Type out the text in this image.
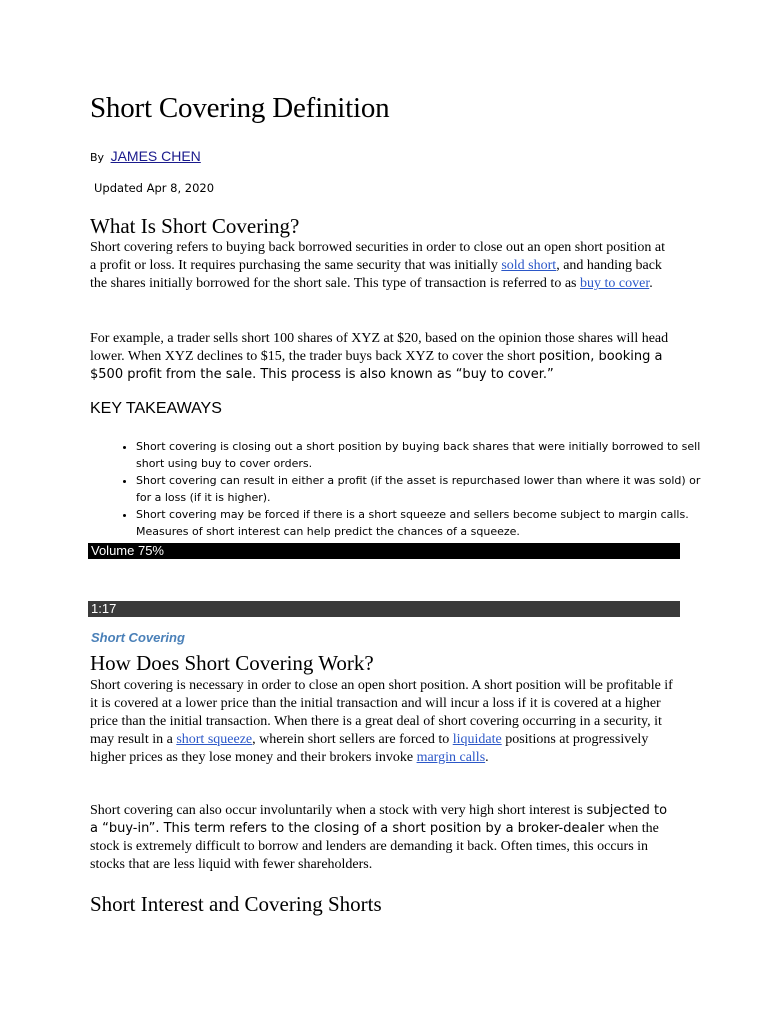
Short Covering Definition
By JAMES CHEN
Updated Apr 8, 2020
What Is Short Covering?

Short covering refers to buying back borrowed securities in order to close out an open short position at a profit or loss. It requires purchasing the same security that was initially sold short, and handing back the shares initially borrowed for the short sale. This type of transaction is referred to as buy to cover.

For example, a trader sells short 100 shares of XYZ at $20, based on the opinion those shares will head lower. When XYZ declines to $15, the trader buys back XYZ to cover the short position, booking a $500 profit from the sale. This process is also known as “buy to cover.”

KEY TAKEAWAYS
• Short covering is closing out a short position by buying back shares that were initially borrowed to sell short using buy to cover orders.
• Short covering can result in either a profit (if the asset is repurchased lower than where it was sold) or for a loss (if it is higher).
• Short covering may be forced if there is a short squeeze and sellers become subject to margin calls. Measures of short interest can help predict the chances of a squeeze.
Volume 75%
1:17
Short Covering
How Does Short Covering Work?

Short covering is necessary in order to close an open short position. A short position will be profitable if it is covered at a lower price than the initial transaction and will incur a loss if it is covered at a higher price than the initial transaction. When there is a great deal of short covering occurring in a security, it may result in a short squeeze, wherein short sellers are forced to liquidate positions at progressively higher prices as they lose money and their brokers invoke margin calls.

Short covering can also occur involuntarily when a stock with very high short interest is subjected to a “buy-in”. This term refers to the closing of a short position by a broker-dealer when the stock is extremely difficult to borrow and lenders are demanding it back. Often times, this occurs in stocks that are less liquid with fewer shareholders.

Short Interest and Covering Shorts
